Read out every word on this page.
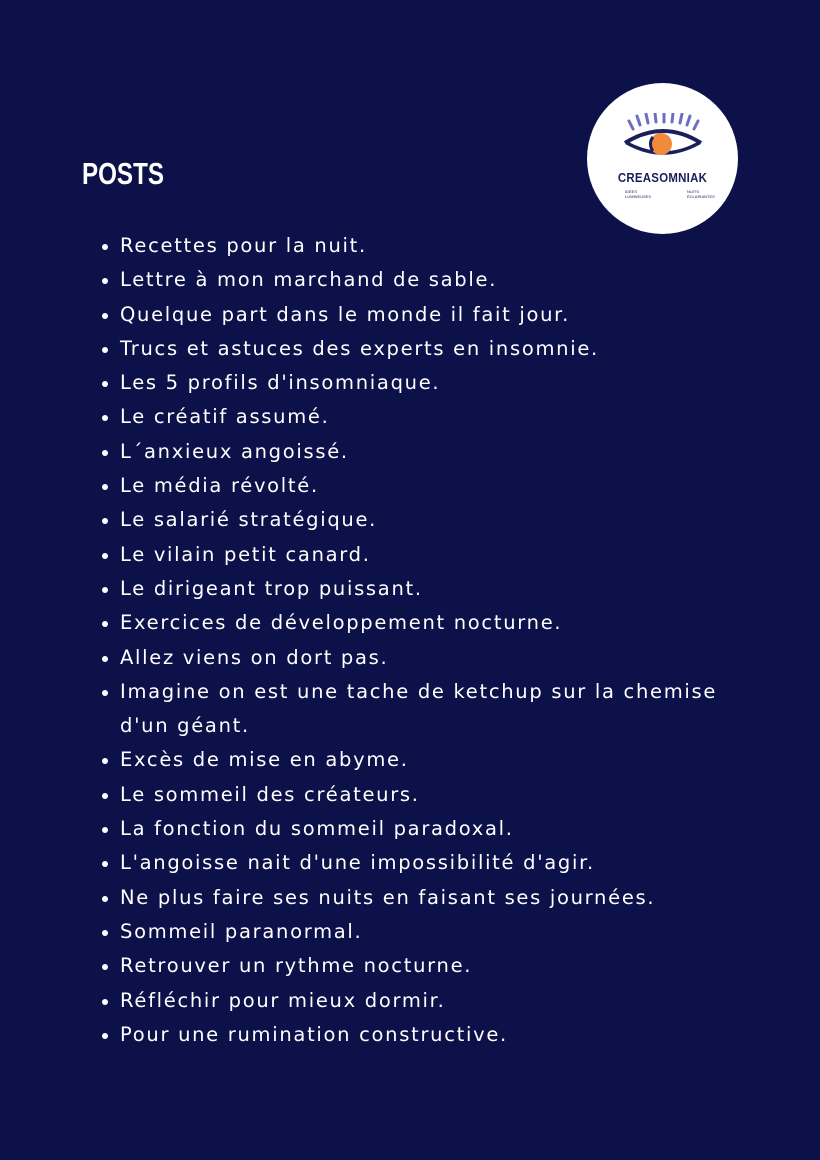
POSTS	CREASOMNIAK
IDÉES
LUMINEUSES
NUITS
ÉCLAIRANTES
Recettes pour la nuit.
Lettre à mon marchand de sable.
Quelque part dans le monde il fait jour.
Trucs et astuces des experts en insomnie.
Les 5 profils d'insomniaque.
Le créatif assumé.
L´anxieux angoissé.
Le média révolté.
Le salarié stratégique.
Le vilain petit canard.
Le dirigeant trop puissant.
Exercices de développement nocturne.
Allez viens on dort pas.
Imagine on est une tache de ketchup sur la chemise d'un géant.
Excès de mise en abyme.
Le sommeil des créateurs.
La fonction du sommeil paradoxal.
L'angoisse nait d'une impossibilité d'agir.
Ne plus faire ses nuits en faisant ses journées.
Sommeil paranormal.
Retrouver un rythme nocturne.
Réfléchir pour mieux dormir.
Pour une rumination constructive.
